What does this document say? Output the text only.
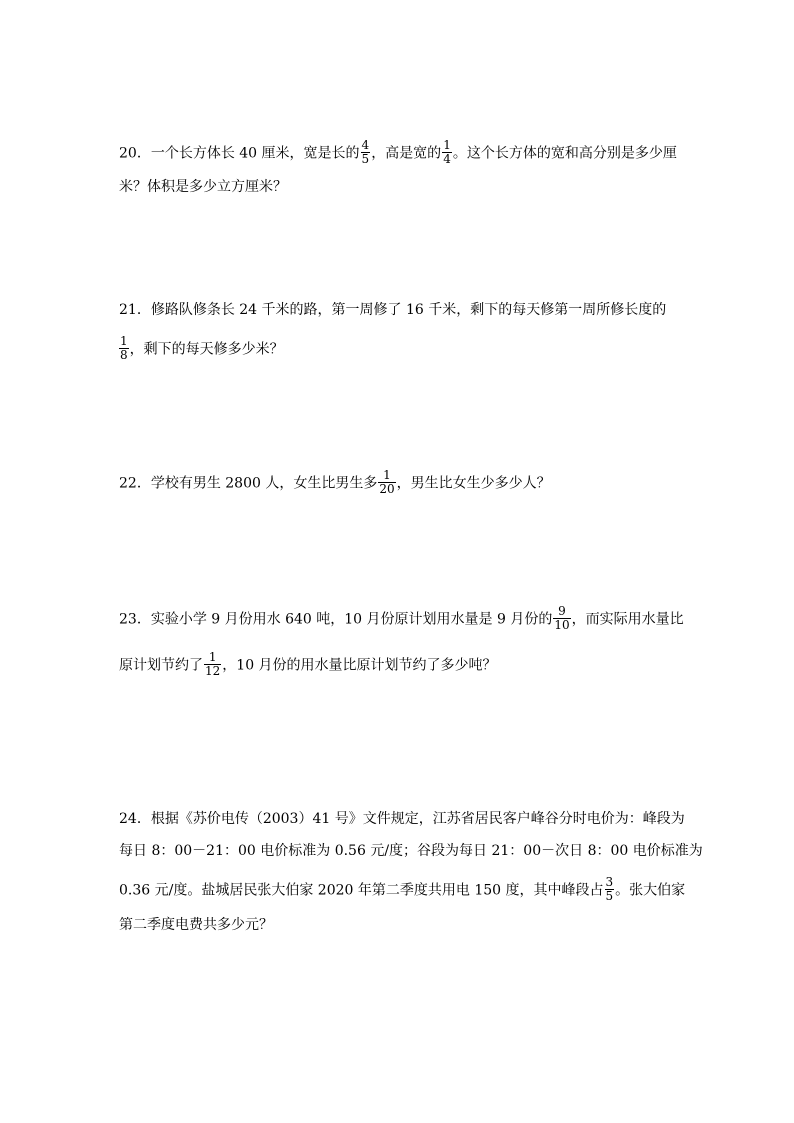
20．一个长方体长 40 厘米，宽是长的 $\frac{4}{5}$ ，高是宽的 $\frac{1}{4}$ 。这个长方体的宽和高分别是多少厘
米？体积是多少立方厘米？
21．修路队修条长 24 千米的路，第一周修了 16 千米，剩下的每天修第一周所修长度的
$\frac{1}{8}$ ，剩下的每天修多少米？
22．学校有男生 2800 人，女生比男生多 $\frac{1}{20}$ ，男生比女生少多少人？
23．实验小学 9 月份用水 640 吨，10 月份原计划用水量是 9 月份的 $\frac{9}{10}$ ，而实际用水量比
原计划节约了 $\frac{1}{12}$ ，10 月份的用水量比原计划节约了多少吨？
24．根据《苏价电传（2003）41 号》文件规定，江苏省居民客户峰谷分时电价为：峰段为
每日 8：00－21：00 电价标准为 0.56 元/度；谷段为每日 21：00－次日 8：00 电价标准为
0.36 元/度。盐城居民张大伯家 2020 年第二季度共用电 150 度，其中峰段占 $\frac{3}{5}$ 。张大伯家
第二季度电费共多少元？
